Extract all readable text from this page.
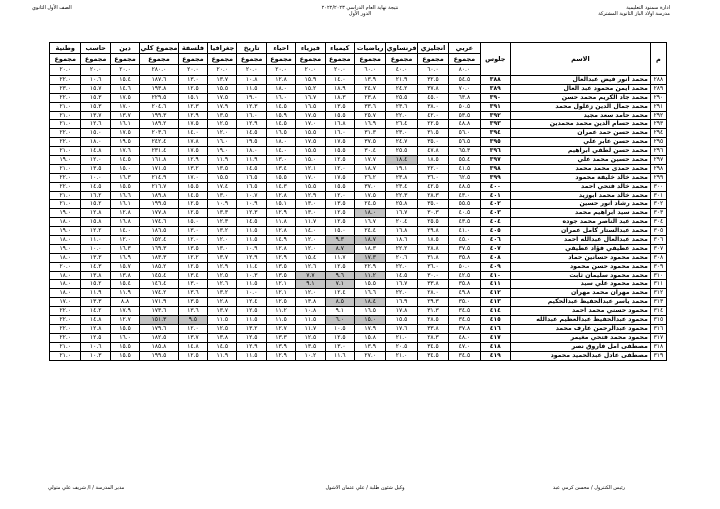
ادارة سمنود التعليمية
مدرسة اولاد الباز الثانوية المشتركة
نتيجة نهاية العام الدراسي ٢٠٢٢/٢٠٢٣
الدور الأول
الصف الأول الثانوي
م	الاسم	جلوس	عربي	انجليزي	فرنساوي	رياضيات	كيمياء	فيزياء	احياء	تاريخ	جغرافيا	فلسفة	مجموع كلي	دين	حاسب	وطنية
			مجموع	مجموع	مجموع	مجموع	مجموع	مجموع	مجموع	مجموع	مجموع	مجموع	مجموع	مجموع	مجموع	مجموع
			٨٠.٠	٦٠.٠	٤٠.٠	٦٠.٠	٢٠.٠	٢٠.٠	٢٠.٠	٢٠.٠	٢٠.٠	٢٠.٠	٢٨٠.٠	٢٠.٠	٢٠.٠	٢٠.٠
٢٨٨	محمد انور فيض عبدالعال	٣٨٨	٥٤.٥	٣٢.٥	٢١.٩	١٣.٩	١٤.٠	١٥.٩	١٢.٨	١٠.٨	١٣.٧	١٣.٠	١٨٧.٦	١٥.٤	١٠.٦	٢٢.٠
٢٨٩	محمد ايمن محمود عبد العال	٣٨٩	٧٠.٠	٣٧.٨	٢٤.٢	٢٤.٧	١٨.٩	١٥.٢	١٨.٠	١١.٥	١٥.٥	١٢.٥	١٩٣.٨	١٤.٦	١٥.٧	٢٣.٠
٢٩٠	محمد جاد الكريم محمد حسن	٣٩٠	٦٣.٨	٤٥.٠	٢٥.٥	٢٣.٨	١٨.٣	١٦.٧	١٦.٠	١٩.٠	١٧.٥	١٥.١	٢٢٩.٥	١٧.٥	١٥.٣	٢٢.٠
٢٩١	محمد جمال الدين زغلول محمد	٣٩١	٥٠.٥	٣٨.٠	٢٣.٦	٣٣.٦	١٣.٥	١٦.٥	١٤.٥	١٢.٣	١٧.٩	١٢.٣	٢٠٤.٦	١٧.٠	١٥.٣	٢١.٠
٢٩٢	محمد حامد سعد مجيد	٣٩٢	٥٣.٥	٤٢.٠	٢٢.٠	٢٥.٧	١٥.٥	١٧.٥	١٥.٩	١٦.٠	١٣.٥	١٢.٩	١٩٩.٣	١٣.٧	١٣.٧	٢١.٠
٢٩٣	محمد حسام الدين محمد محمدين	٣٩٣	٤٨.٨	٢٢.٥	٢٦.٤	١٦.٩	١٦.٨	١٧.٠	١٤.٥	١٢.٩	١٢.٥	١٧.٥	١٨٩.٢	١٦.١	١٢.٦	٢١.٠
٢٩٤	محمد حسن حمد عمران	٣٩٤	٥٦.٠	٣١.٥	٢٣.٠	٣١.٣	١٦.٠	١٥.٥	١٦.٥	١٤.٥	١٢.٠	١٤.٠	٢٠٣.٦	١٧.٥	١٥.٠	٢٢.٠
٢٩٥	محمد حسن عابر علي	٣٩٥	٥٦.٥	٣٥.٠	٢٤.٧	٣٧.٥	١٧.٥	١٧.٥	١٨.٠	١٩.٥	١٦.٠	١٧.٨	٢٤٢.٤	١٩.٥	١٨.٠	٢٢.٠
٢٩٦	محمد حسن لطفي ابراهيم	٣٩٦	٦٥.٣	٤٧.٨	٢٥.٥	٣٠.٤	١٥.٥	١٥.٥	١٤.٠	١٨.٠	١٩.٠	١٧.٥	٢٣١.٤	١٧.٦	١٤.٨	٢١.٠
٢٩٧	محمد حسين محمد علي	٣٩٧	٥٥.٤	١٨.٥	١٨.٤	١٧.٧	١٢.٥	١٥.٠	١٣.٠	١١.٩	١١.٩	١٢.٩	١٦١.٨	١٤.٥	١٢.٠	١٩.٠
٢٩٨	محمد حمدى محمد محمد	٣٩٨	٤١.٥	٢٢.٠	١٩.١	١٨.٧	١٢.٠	١٢.١	١٣.٤	١٤.٥	١٣.٥	١٣.٢	١٧١.٥	١٥.٠	١٣.٥	٢١.٠
٢٩٩	محمد خالد خليفة محمود	٣٩٩	٦٢.٥	٣٦.٠	٢٣.٨	٢٦.٢	١٧.٥	١٧.٠	١٥.٥	١٦.٥	١٥.٥	١٧.٠	٢١٤.٩	١٦.٣	١٠.٠	٢٢.٠
٣٠٠	محمد خالد فتحي احمد	٤٠٠	٤٨.٥	٤٢.٥	٢٣.٤	٣٧.٠	١٥.٥	١٥.٥	١٤.٣	١٦.٥	١٧.٤	١٥.٥	٢١٦.٧	١٥.٥	١٤.٥	٢٢.٠
٣٠١	محمد خالد محمد ابوزيد	٤٠١	٤٣.٠	٢٨.٣	٢٢.٣	١٧.٥	١٢.٠	١٢.٩	١٢.٨	١٠.٧	١٣.٠	١٤.٥	١٨٩.٨	١٦.٦	١٦.٢	٢١.٠
٣٠٢	محمد رشاد انور حسين	٤٠٢	٥٥.٥	٣٥.٠	٢٥.٨	٢٤.٥	١٣.٥	١٣.٠	١٥.١	١٠.٩	١٠.٩	١٢.٥	١٩٩.٥	١٦.١	١٥.٢	٢١.٠
٣٠٣	محمد سيد ابراهيم محمد	٤٠٣	٤٠.٥	٣٠.٣	١٦.٧	١٨.٠	١٢.٥	١٣.٠	١٢.٩	١٢.٣	١٣.٣	١٢.٥	١٧٧.٨	١٢.٨	١٢.٨	١٩.٠
٣٠٤	محمد عبد الناصر محمد جوده	٤٠٤	٤٣.٥	٢٥.٥	٢٠.٤	١٦.٧	١٢.٥	١١.٧	١١.٨	١٤.٥	١٢.٣	١٥.٠	١٧٤.٦	١٦.٨	١٥.٨	١٨.٠
٣٠٥	محمد عبدالستار كامل عمران	٤٠٥	٤١.٠	٢٩.٨	١٦.٨	٢٤.٤	١٥.٠	١٤.٠	١٢.٨	١١.٥	١٣.٢	١٣.٠	١٨٦.٥	١٤.٠	١٢.٢	١٩.٠
٣٠٦	محمد عبدالعال عبدالله احمد	٤٠٦	٤٥.٠	١٨.٥	١٨.٦	١٨.٧	٩.٣	١٢.٠	١٤.٩	١١.٥	١٢.٠	١٢.٠	١٥٢.٤	١٢.٠	١١.٠	١٨.٠
٣٠٧	محمد عطيفي فؤاد عطيفي	٤٠٧	٣٧.٥	٢٨.٨	٢٢.٢	١٨.٣	٨.٧	١٢.٠	١٢.٨	١٠.٩	١٣.٠	١٣.٥	١٦٩.٣	١٦.٣	١٠.٠	١٩.٠
٣٠٨	محمد محمود حسانين حماد	٤٠٨	٣٥.٨	٣١.٨	٢٠.٦	١٧.٣	١١.٧	١٥.٤	١٢.٩	١٢.٩	١٣.٧	١٢.٢	١٨٣.٣	١٦.٩	١٣.٣	١٨.٠
٣٠٩	محمد محمود حسن محمود	٤٠٩	٥٠.٠	٣٦.٠	٢٢.٠	٢٢.٩	١٢.٥	١٢.٦	١٣.٥	١١.٤	١٢.٩	١٢.٥	١٨٥.٢	١٥.٧	١٤.٣	٢٠.٠
٣١٠	محمد محمود سليمان ثابت	٤١٠	٤٢.٥	٣٠.٠	١٤.٥	١١.٢	٩.٦	٧.٧	١٣.٥	١٠.٣	١٢.٥	١٣.٤	١٤٥.٤	١٣.٨	١٣.٨	١٨.٠
٣١١	محمد محمود علي سيد	٤١١	٣٥.٨	٣٣.٨	١٦.٧	١٥.٥	٧.١	٩.١	١٢.١	١١.٥	١٢.٦	١٣.٠	١٤٦.٤	١٥.٤	١٥.٢	١٨.٠
٣١٢	محمد مهران محمد مهران	٤١٢	٤٩.٨	٢٨.٠	٢٢.٠	١٦.٦	١٢.٤	١٢.٠	١٢.١	١٠.٠	١٣.٢	١٣.٦	١٧٤.٢	١١.٩	١١.٩	١٨.٠
٣١٣	محمد ياسر عبدالحفيظ عبدالحكيم	٤١٣	٣٥.٠	٢٩.٣	١٦.٩	١٨.٤	٨.٥	١٣.٨	١٢.٥	١٢.٤	١٢.٨	١٣.٥	١٧١.٩	٨.٨	١٣.٣	١٧.٠
٣١٤	محمود حسني محمد احمد	٤١٤	٣٤.٥	٣١.٣	١٧.٨	١٦.٥	٩.١	١٠.٨	١١.٢	١٢.٥	١٣.٧	١٣.٦	١٧٣.٦	١٧.٩	١٤.٢	٢٢.٠
٣١٥	محمود عبدالحفيظ عبدالعظيم عبدالله	٤١٥	٣٤.٥	٢٨.٥	١٥.٥	١٥.٠	٦.٠	١١.٥	١١.٥	١١.٥	١١.٥	٩.٥	١٥١.٣	١٢.٧	١٤.٨	٢٢.٠
٣١٦	محمود عبدالرحمن عارف محمد	٤١٦	٣٧.٨	٣٣.٨	١٧.٦	١٧.٩	١٠.٥	١١.٧	١٢.٧	١٣.٢	١٢.٥	١٢.٠	١٧٩.٦	١٥.٥	١٢.٨	٢٢.٠
٣١٧	محمود محمد فتحي مغيمر	٤١٧	٤٨.٠	٢٨.٣	٢١.٠	١٥.٨	١٢.٥	١٢.٥	١٣.٣	١٢.٥	١٣.٨	١٣.٧	١٨٢.٥	١٦.٠	١٢.٥	٢٢.٠
٣١٨	مصطفى امل فاروق نصر	٤١٨	٤٧.٠	٣٤.٥	٢٠.٥	١٣.٩	١٣.٠	١٣.٥	١٣.٩	١٢.٩	١٤.٥	١٤.٨	١٨٥.٨	١٥.٥	١٠.٦	٢١.٠
٣١٩	مصطفى عادل عبدالحميد محمود	٤١٩	٣٤.٥	٣٤.٥	٢١.٠	٢٧.٠	١١.٦	١٠.٢	١٢.٩	١١.٥	١١.٩	١٢.٥	١٩٩.٥	١٥.٥	١٠.٣	٢١.٠
رئيس الكنترول / محسن كرمي عبد
وكيل شئون طلبة / علي عثمان الاشول
مدير المدرسة / ا/ شريف علي متولي
